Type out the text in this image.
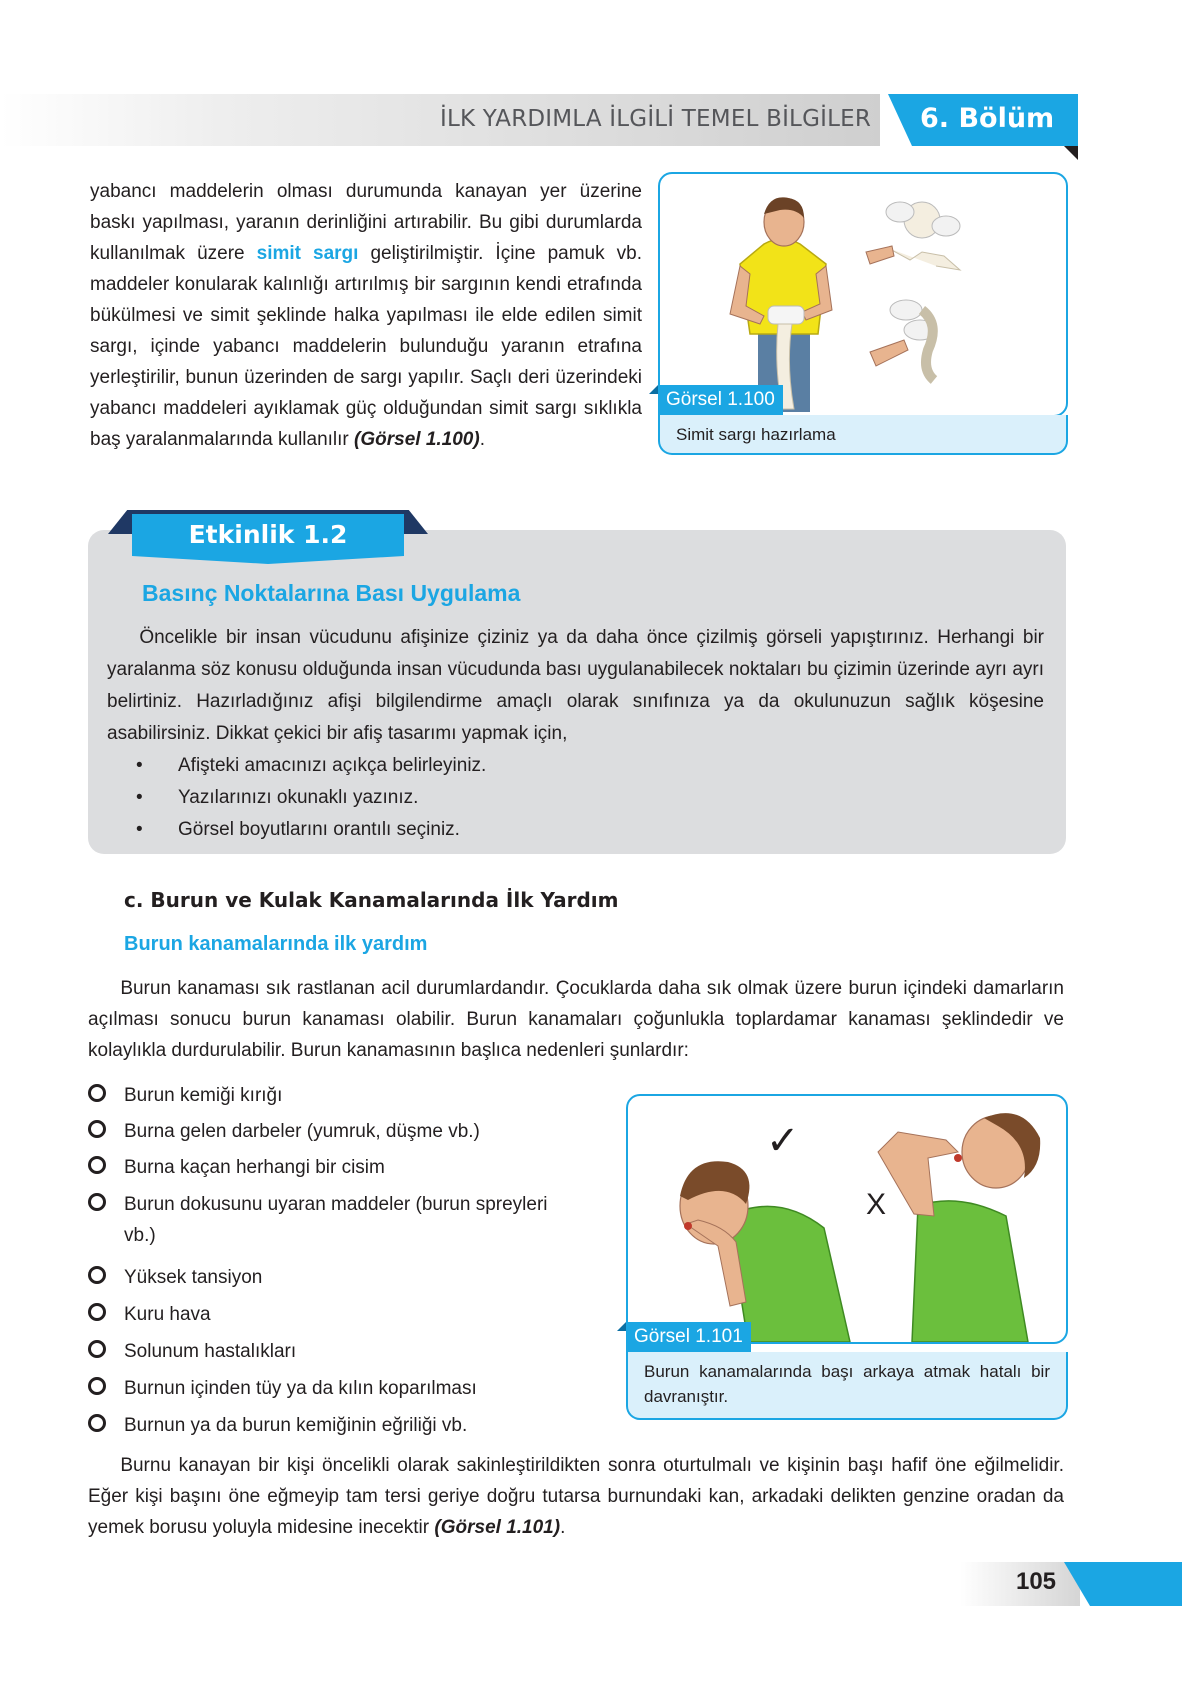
İLK YARDIMLA İLGİLİ TEMEL BİLGİLER 6. Bölüm
yabancı maddelerin olması durumunda kanayan yer üzerine baskı yapılması, yaranın derinliğini artırabilir. Bu gibi durumlarda kullanılmak üzere simit sargı geliştirilmiştir. İçine pamuk vb. maddeler konularak kalınlığı artırılmış bir sargının kendi etrafında bükülmesi ve simit şeklinde halka yapılması ile elde edilen simit sargı, içinde yabancı maddelerin bulunduğu yaranın etrafına yerleştirilir, bunun üzerinden de sargı yapılır. Saçlı deri üzerindeki yabancı maddeleri ayıklamak güç olduğundan simit sargı sıklıkla baş yaralanmalarında kullanılır (Görsel 1.100).
Görsel 1.100
Simit sargı hazırlama
Etkinlik 1.2
Basınç Noktalarına Bası Uygulama
   Öncelikle bir insan vücudunu afişinize çiziniz ya da daha önce çizilmiş görseli yapıştırınız. Herhangi bir yaralanma söz konusu olduğunda insan vücudunda bası uygulanabilecek noktaları bu çizimin üzerinde ayrı ayrı belirtiniz. Hazırladığınız afişi bilgilendirme amaçlı olarak sınıfınıza ya da okulunuzun sağlık köşesine asabilirsiniz. Dikkat çekici bir afiş tasarımı yapmak için,
• Afişteki amacınızı açıkça belirleyiniz.
• Yazılarınızı okunaklı yazınız.
• Görsel boyutlarını orantılı seçiniz.
c. Burun ve Kulak Kanamalarında İlk Yardım
Burun kanamalarında ilk yardım
   Burun kanaması sık rastlanan acil durumlardandır. Çocuklarda daha sık olmak üzere burun içindeki damarların açılması sonucu burun kanaması olabilir. Burun kanamaları çoğunlukla toplardamar kanaması şeklindedir ve kolaylıkla durdurulabilir. Burun kanamasının başlıca nedenleri şunlardır:
Burun kemiği kırığı
Burna gelen darbeler (yumruk, düşme vb.)
Burna kaçan herhangi bir cisim
Burun dokusunu uyaran maddeler (burun spreyleri
vb.)
Yüksek tansiyon
Kuru hava
Solunum hastalıkları
Burnun içinden tüy ya da kılın koparılması
Burnun ya da burun kemiğinin eğriliği vb.
✓
X
Görsel 1.101
Burun kanamalarında başı arkaya atmak hatalı bir davranıştır.
   Burnu kanayan bir kişi öncelikli olarak sakinleştirildikten sonra oturtulmalı ve kişinin başı hafif öne eğilmelidir. Eğer kişi başını öne eğmeyip tam tersi geriye doğru tutarsa burnundaki kan, arkadaki delikten genzine oradan da yemek borusu yoluyla midesine inecektir (Görsel 1.101).
105
